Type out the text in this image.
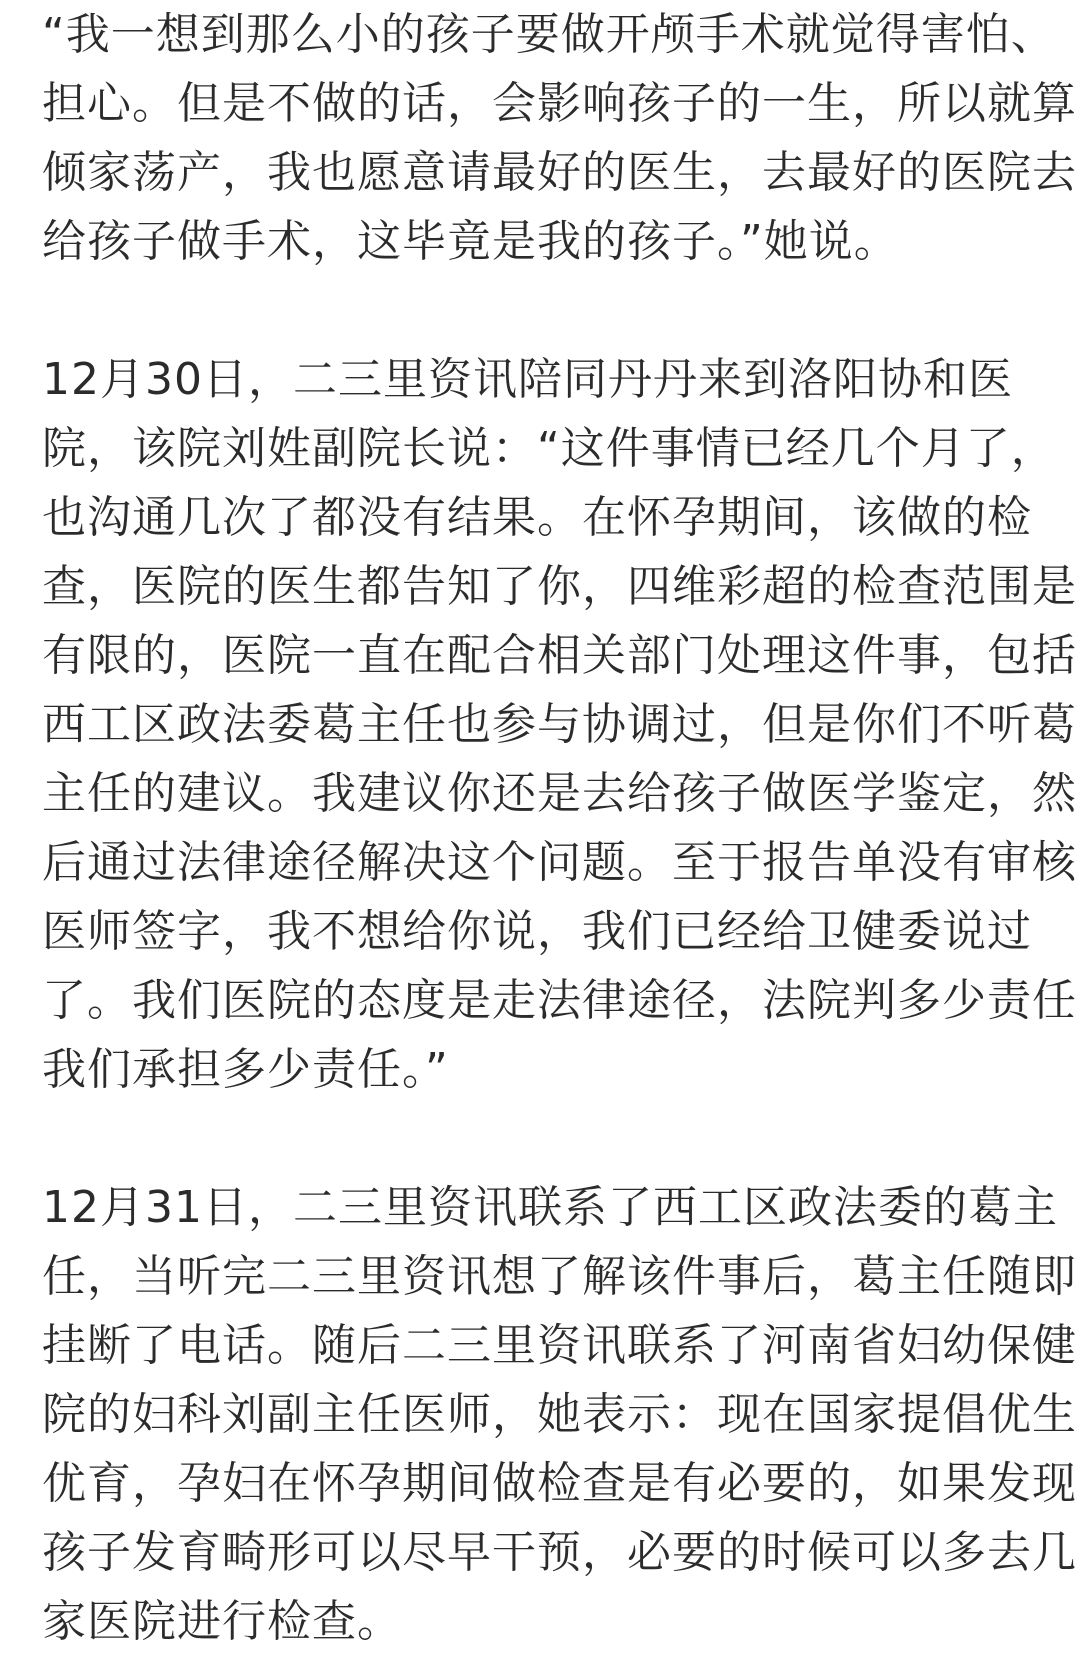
“我一想到那么小的孩子要做开颅手术就觉得害怕、
担心。但是不做的话，会影响孩子的一生，所以就算
倾家荡产，我也愿意请最好的医生，去最好的医院去
给孩子做手术，这毕竟是我的孩子。”她说。

12月30日，二三里资讯陪同丹丹来到洛阳协和医
院，该院刘姓副院长说：“这件事情已经几个月了，
也沟通几次了都没有结果。在怀孕期间，该做的检
查，医院的医生都告知了你，四维彩超的检查范围是
有限的，医院一直在配合相关部门处理这件事，包括
西工区政法委葛主任也参与协调过，但是你们不听葛
主任的建议。我建议你还是去给孩子做医学鉴定，然
后通过法律途径解决这个问题。至于报告单没有审核
医师签字，我不想给你说，我们已经给卫健委说过
了。我们医院的态度是走法律途径，法院判多少责任
我们承担多少责任。”

12月31日，二三里资讯联系了西工区政法委的葛主
任，当听完二三里资讯想了解该件事后，葛主任随即
挂断了电话。随后二三里资讯联系了河南省妇幼保健
院的妇科刘副主任医师，她表示：现在国家提倡优生
优育，孕妇在怀孕期间做检查是有必要的，如果发现
孩子发育畸形可以尽早干预，必要的时候可以多去几
家医院进行检查。
